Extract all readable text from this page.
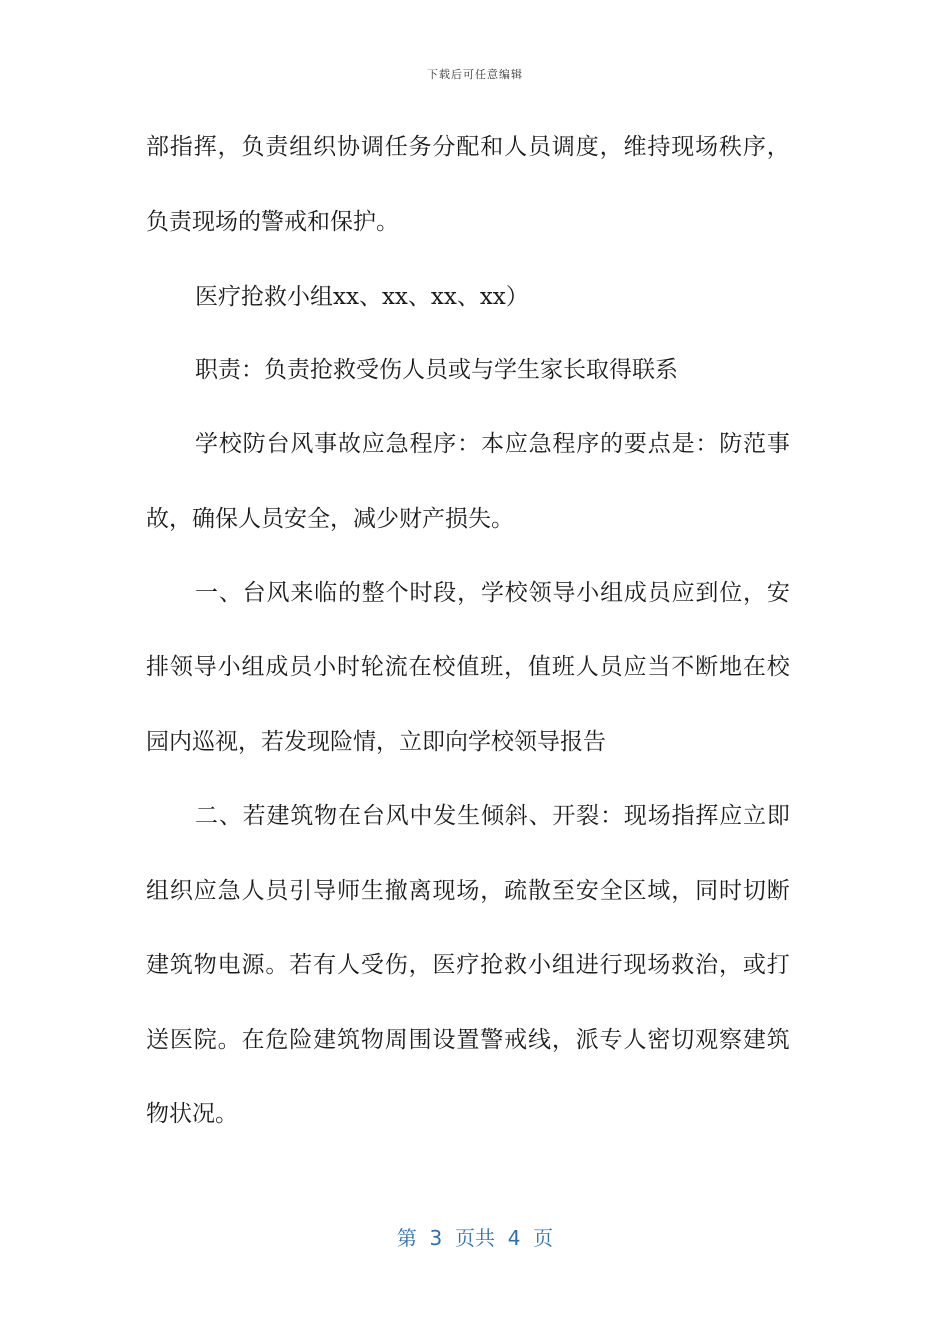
下载后可任意编辑
部 指 挥 ， 负 责 组 织 协 调 任 务 分 配 和 人 员 调 度 ， 维 持 现 场 秩 序 ，
负责现场的警戒和保护。
医疗抢救小组xx、xx、xx、xx）
职责：负责抢救受伤人员或与学生家长取得联系
学 校 防 台 风 事 故 应 急 程 序 ： 本 应 急 程 序 的 要 点 是 ： 防 范 事
故，确保人员安全，减少财产损失。
一 、 台 风 来 临 的 整 个 时 段 ， 学 校 领 导 小 组 成 员 应 到 位 ， 安
排 领 导 小 组 成 员 小 时 轮 流 在 校 值 班 ， 值 班 人 员 应 当 不 断 地 在 校
园内巡视，若发现险情，立即向学校领导报告
二 、 若 建 筑 物 在 台 风 中 发 生 倾 斜 、 开 裂 ： 现 场 指 挥 应 立 即
组 织 应 急 人 员 引 导 师 生 撤 离 现 场 ， 疏 散 至 安 全 区 域 ， 同 时 切 断
建 筑 物 电 源 。 若 有 人 受 伤 ， 医 疗 抢 救 小 组 进 行 现 场 救 治 ， 或 打
送 医 院 。 在 危 险 建 筑 物 周 围 设 置 警 戒 线 ， 派 专 人 密 切 观 察 建 筑
物状况。
第  3  页共  4  页
